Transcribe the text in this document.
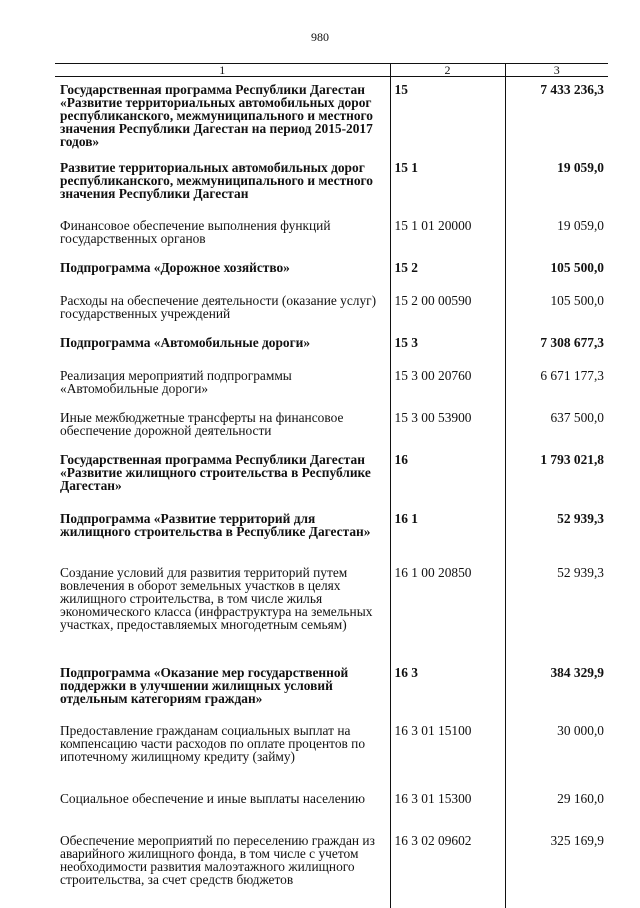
980
1	2	3
Государственная программа Республики Дагестан «Развитие территориальных автомобильных дорог республиканского, межмуниципального и местного значения Республики Дагестан на период 2015-2017 годов»	15	7 433 236,3
Развитие территориальных автомобильных дорог республиканского, межмуниципального и местного значения Республики Дагестан	15 1	19 059,0
Финансовое обеспечение выполнения функций государственных органов	15 1 01 20000	19 059,0
Подпрограмма «Дорожное хозяйство»	15 2	105 500,0
Расходы на обеспечение деятельности (оказание услуг) государственных учреждений	15 2 00 00590	105 500,0
Подпрограмма «Автомобильные дороги»	15 3	7 308 677,3
Реализация мероприятий подпрограммы «Автомобильные дороги»	15 3 00 20760	6 671 177,3
Иные межбюджетные трансферты на финансовое обеспечение дорожной деятельности	15 3 00 53900	637 500,0
Государственная программа Республики Дагестан «Развитие жилищного строительства в Республике Дагестан»	16	1 793 021,8
Подпрограмма «Развитие территорий для жилищного строительства в Республике Дагестан»	16 1	52 939,3
Создание условий для развития территорий путем вовлечения в оборот земельных участков в целях жилищного строительства, в том числе жилья экономического класса (инфраструктура на земельных участках, предоставляемых многодетным семьям)	16 1 00 20850	52 939,3
Подпрограмма «Оказание мер государственной поддержки в улучшении жилищных условий отдельным категориям граждан»	16 3	384 329,9
Предоставление гражданам социальных выплат на компенсацию части расходов по оплате процентов по ипотечному жилищному кредиту (займу)	16 3 01 15100	30 000,0
Социальное обеспечение и иные выплаты населению	16 3 01 15300	29 160,0
Обеспечение мероприятий по переселению граждан из аварийного жилищного фонда, в том числе с учетом необходимости развития малоэтажного жилищного строительства, за счет средств бюджетов	16 3 02 09602	325 169,9
